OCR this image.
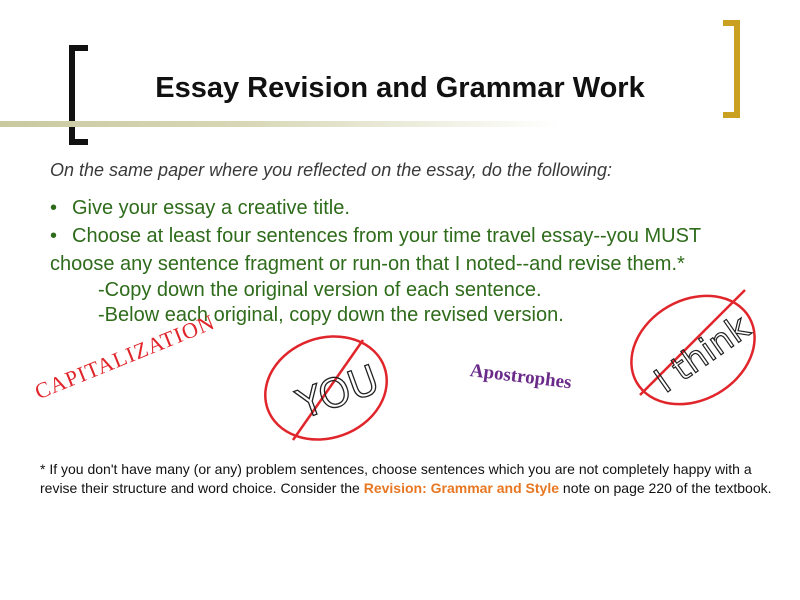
Essay Revision and Grammar Work
On the same paper where you reflected on the essay, do the following:
• Give your essay a creative title.
• Choose at least four sentences from your time travel essay--you MUST
choose any sentence fragment or run-on that I noted--and revise them.*
-Copy down the original version of each sentence.
-Below each original, copy down the revised version.
CAPITALIZATION YOU	Apostrophes I think
* If you don't have many (or any) problem sentences, choose sentences which you are not completely happy with a revise their structure and word choice. Consider the Revision: Grammar and Style note on page 220 of the textbook.
